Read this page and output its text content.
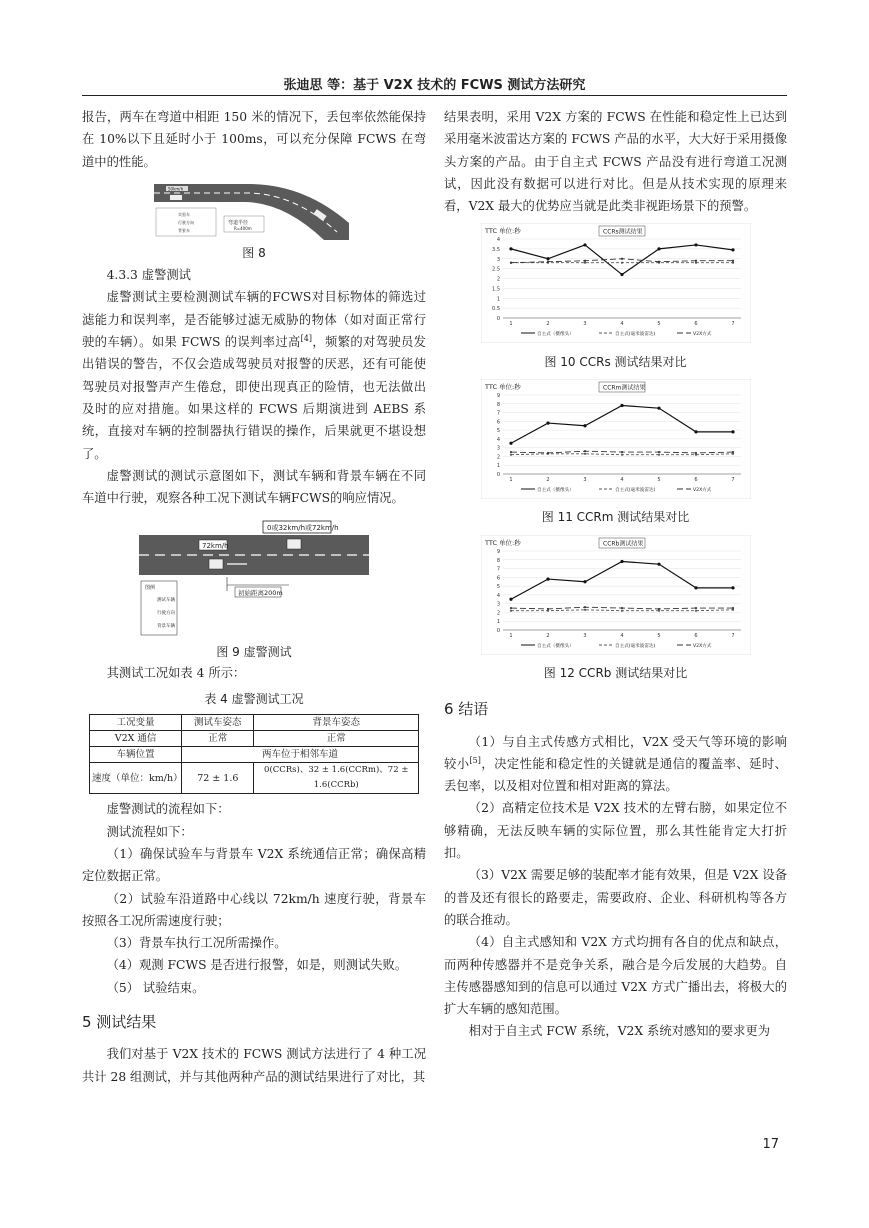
张迪思 等：基于 V2X 技术的 FCWS 测试方法研究

报告，两车在弯道中相距 150 米的情况下，丢包率依然能保持在 10%以下且延时小于 100ms，可以充分保障 FCWS 在弯道中的性能。

50km/h
弯道半径
R=400m
实验车
行驶方向
背景车

图 8

4.3.3 虚警测试

虚警测试主要检测测试车辆的FCWS对目标物体的筛选过滤能力和误判率，是否能够过滤无威胁的物体（如对面正常行驶的车辆）。如果 FCWS 的误判率过高[4]，频繁的对驾驶员发出错误的警告，不仅会造成驾驶员对报警的厌恶，还有可能使驾驶员对报警声产生倦怠，即使出现真正的险情，也无法做出及时的应对措施。如果这样的 FCWS 后期演进到 AEBS 系统，直接对车辆的控制器执行错误的操作，后果就更不堪设想了。

虚警测试的测试示意图如下，测试车辆和背景车辆在不同车道中行驶，观察各种工况下测试车辆FCWS的响应情况。

0或32km/h或72km/h
72km/h
初始距离200m
图例
测试车辆
行驶方向
背景车辆

图 9 虚警测试

其测试工况如表 4 所示：

表 4 虚警测试工况

工况变量	测试车姿态	背景车姿态
V2X 通信	正常	正常
车辆位置	两车位于相邻车道	
速度（单位：km/h）	72 ± 1.6	0(CCRs)、32 ± 1.6(CCRm)、72 ± 1.6(CCRb)

虚警测试的流程如下：

测试流程如下：

（1）确保试验车与背景车 V2X 系统通信正常；确保高精定位数据正常。

（2）试验车沿道路中心线以 72km/h 速度行驶，背景车按照各工况所需速度行驶；

（3）背景车执行工况所需操作。

（4）观测 FCWS 是否进行报警，如是，则测试失败。

（5） 试验结束。

5 测试结果

我们对基于 V2X 技术的 FCWS 测试方法进行了 4 种工况共计 28 组测试，并与其他两种产品的测试结果进行了对比，其

结果表明，采用 V2X 方案的 FCWS 在性能和稳定性上已达到采用毫米波雷达方案的 FCWS 产品的水平，大大好于采用摄像头方案的产品。由于自主式 FCWS 产品没有进行弯道工况测试，因此没有数据可以进行对比。但是从技术实现的原理来看，V2X 最大的优势应当就是此类非视距场景下的预警。

TTC 单位:秒	CCRs测试结果
0
0.5
1
1.5
2
2.5
3
3.5
4
1	2	3	4	5	6	7
自主式（摄像头）	自主式(毫米波雷达)	V2X方式

图 10 CCRs 测试结果对比

TTC 单位:秒	CCRm测试结果
0
1
2
3
4
5
6
7
8
9
1	2	3	4	5	6	7
自主式（摄像头）	自主式(毫米波雷达)	V2X方式

图 11 CCRm 测试结果对比

TTC 单位:秒	CCRb测试结果
0
1
2
3
4
5
6
7
8
9
1	2	3	4	5	6	7
自主式（摄像头）	自主式(毫米波雷达)	V2X方式

图 12 CCRb 测试结果对比

6 结语

（1）与自主式传感方式相比，V2X 受天气等环境的影响较小[5]，决定性能和稳定性的关键就是通信的覆盖率、延时、丢包率，以及相对位置和相对距离的算法。

（2）高精定位技术是 V2X 技术的左臂右膀，如果定位不够精确，无法反映车辆的实际位置，那么其性能肯定大打折扣。

（3）V2X 需要足够的装配率才能有效果，但是 V2X 设备的普及还有很长的路要走，需要政府、企业、科研机构等各方的联合推动。

（4）自主式感知和 V2X 方式均拥有各自的优点和缺点，而两种传感器并不是竞争关系，融合是今后发展的大趋势。自主传感器感知到的信息可以通过 V2X 方式广播出去，将极大的扩大车辆的感知范围。

相对于自主式 FCW 系统，V2X 系统对感知的要求更为

17
